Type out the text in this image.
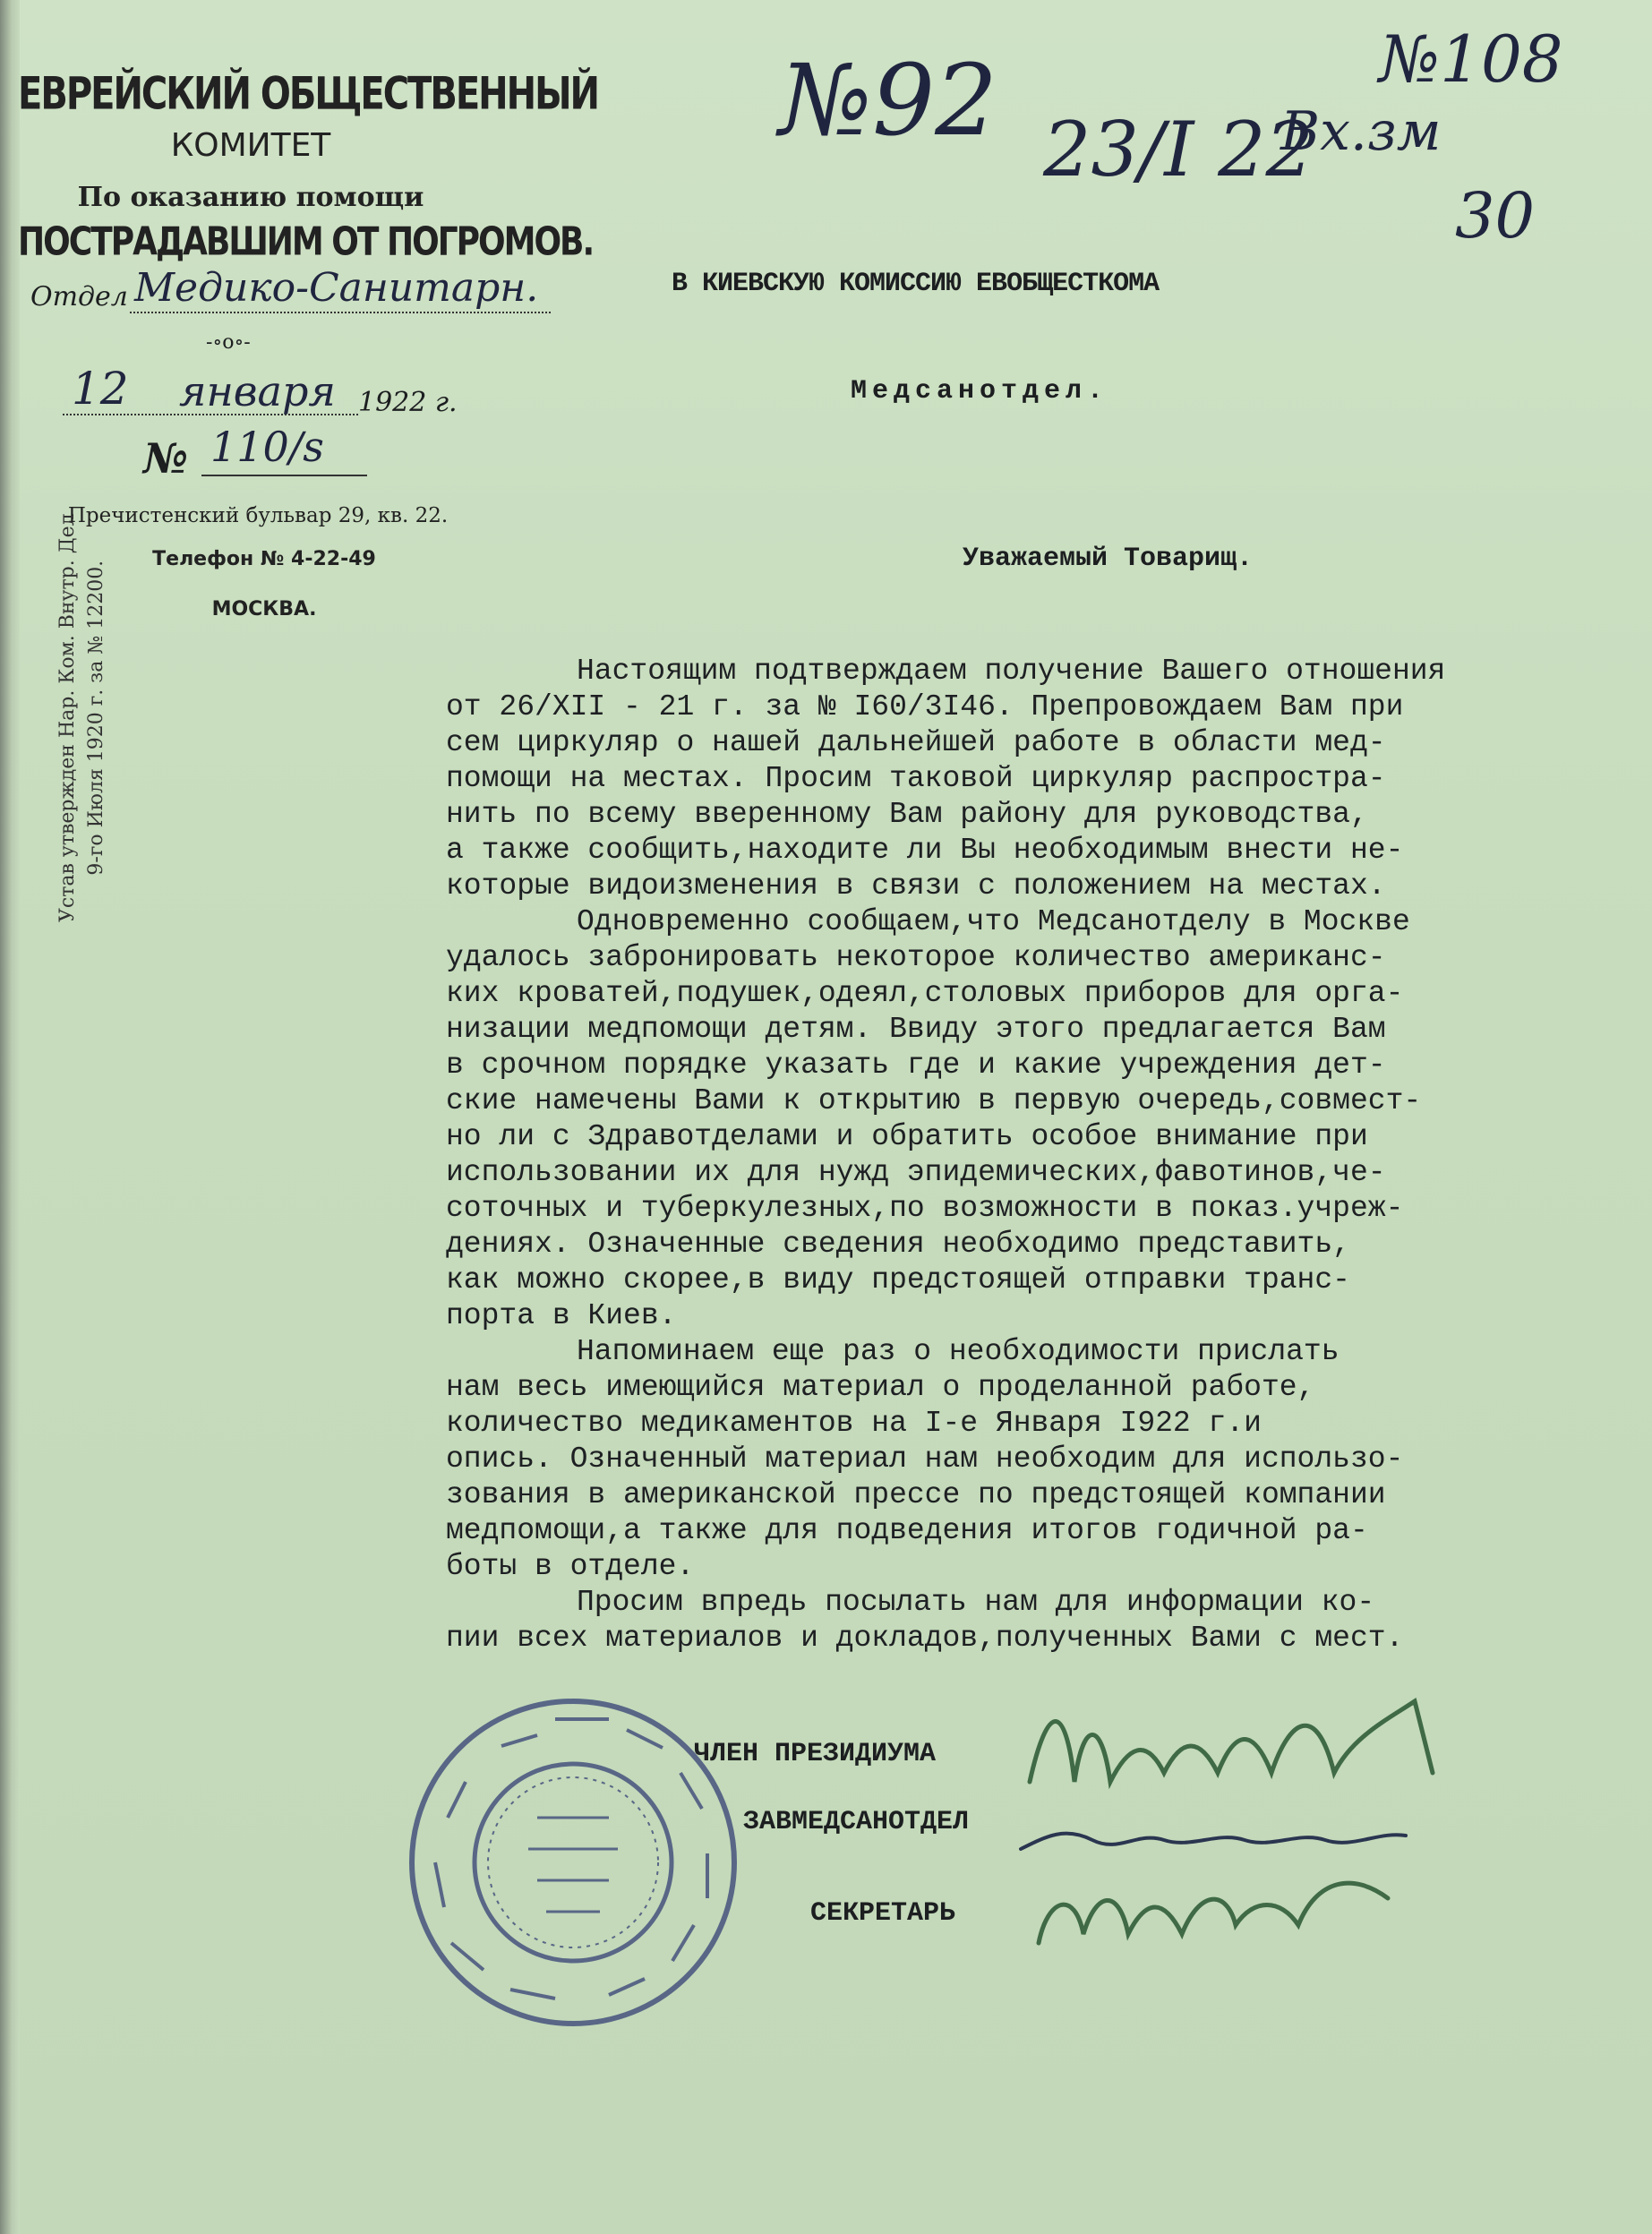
ЕВРЕЙСКИЙ ОБЩЕСТВЕННЫЙ
КОМИТЕТ
По оказанию помощи
ПОСТРАДАВШИМ ОТ ПОГРОМОВ.
Отдел Медико-Санитарн.
-∘o∘-
12 января 1922 г.
№ 110/s
Пречистенский бульвар 29, кв. 22.
Телефон № 4-22-49
МОСКВА.
Устав утвержден Нар. Ком. Внутр. Дел 9-го Июля 1920 г. за № 12200.
№92 23/I 22
№108
Вх.зм
30
В КИЕВСКУЮ КОМИССИЮ ЕВОБЩЕСТКОМА
Медсанотдел.
Уважаемый Товарищ.
Настоящим подтверждаем получение Вашего отношения
от 26/XII - 21 г. за № I60/3I46. Препровождаем Вам при
сем циркуляр о нашей дальнейшей работе в области мед-
помощи на местах. Просим таковой циркуляр распростра-
нить по всему вверенному Вам району для руководства,
а также сообщить,находите ли Вы необходимым внести не-
которые видоизменения в связи с положением на местах.
Одновременно сообщаем,что Медсанотделу в Москве
удалось забронировать некоторое количество американс-
ких кроватей,подушек,одеял,столовых приборов для орга-
низации медпомощи детям. Ввиду этого предлагается Вам
в срочном порядке указать где и какие учреждения дет-
ские намечены Вами к открытию в первую очередь,совмест-
но ли с Здравотделами и обратить особое внимание при
использовании их для нужд эпидемических,фавотинов,че-
соточных и туберкулезных,по возможности в показ.учреж-
дениях. Означенные сведения необходимо представить,
как можно скорее,в виду предстоящей отправки транс-
порта в Киев.
Напоминаем еще раз о необходимости прислать
нам весь имеющийся материал о проделанной работе,
количество медикаментов на I-е Января I922 г.и
опись. Означенный материал нам необходим для использо-
зования в американской прессе по предстоящей компании
медпомощи,а также для подведения итогов годичной ра-
боты в отделе.
Просим впредь посылать нам для информации ко-
пии всех материалов и докладов,полученных Вами с мест.
ЧЛЕН ПРЕЗИДИУМА
ЗАВМЕДСАНОТДЕЛ
СЕКРЕТАРЬ
